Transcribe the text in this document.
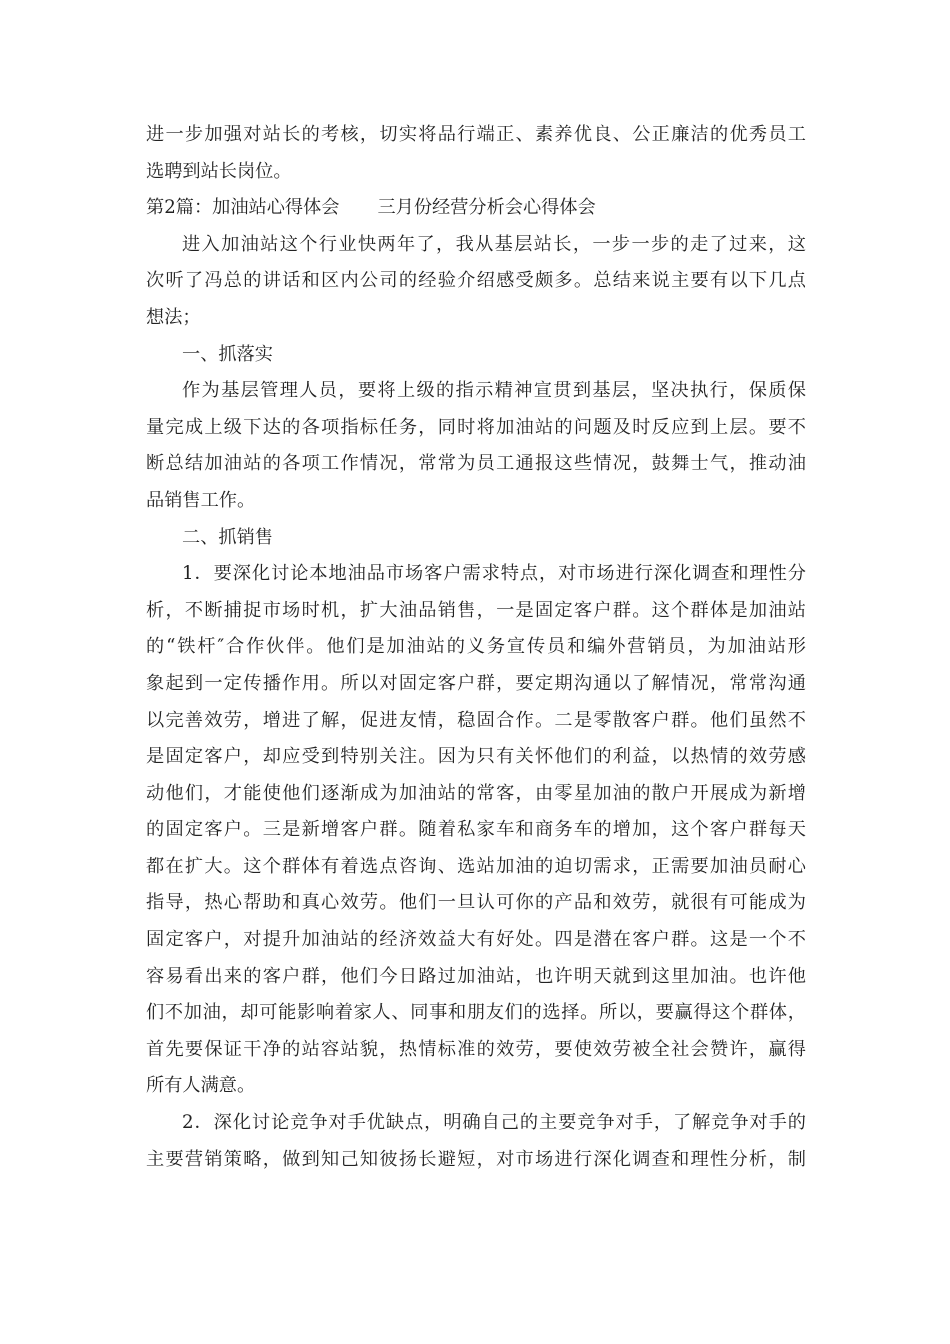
进一步加强对站长的考核，切实将品行端正、素养优良、公正廉洁的优秀员工
选聘到站长岗位。
第2篇：加油站心得体会 三月份经营分析会心得体会
进入加油站这个行业快两年了，我从基层站长，一步一步的走了过来，这
次听了冯总的讲话和区内公司的经验介绍感受颇多。总结来说主要有以下几点
想法；
一、抓落实
作为基层管理人员，要将上级的指示精神宣贯到基层，坚决执行，保质保
量完成上级下达的各项指标任务，同时将加油站的问题及时反应到上层。要不
断总结加油站的各项工作情况，常常为员工通报这些情况，鼓舞士气，推动油
品销售工作。
二、抓销售
1．要深化讨论本地油品市场客户需求特点，对市场进行深化调查和理性分
析，不断捕捉市场时机，扩大油品销售，一是固定客户群。这个群体是加油站
的“铁杆″合作伙伴。他们是加油站的义务宣传员和编外营销员，为加油站形
象起到一定传播作用。所以对固定客户群，要定期沟通以了解情况，常常沟通
以完善效劳，增进了解，促进友情，稳固合作。二是零散客户群。他们虽然不
是固定客户，却应受到特别关注。因为只有关怀他们的利益，以热情的效劳感
动他们，才能使他们逐渐成为加油站的常客，由零星加油的散户开展成为新增
的固定客户。三是新增客户群。随着私家车和商务车的增加，这个客户群每天
都在扩大。这个群体有着选点咨询、选站加油的迫切需求，正需要加油员耐心
指导，热心帮助和真心效劳。他们一旦认可你的产品和效劳，就很有可能成为
固定客户，对提升加油站的经济效益大有好处。四是潜在客户群。这是一个不
容易看出来的客户群，他们今日路过加油站，也许明天就到这里加油。也许他
们不加油，却可能影响着家人、同事和朋友们的选择。所以，要赢得这个群体，
首先要保证干净的站容站貌，热情标准的效劳，要使效劳被全社会赞许，赢得
所有人满意。
2．深化讨论竞争对手优缺点，明确自己的主要竞争对手，了解竞争对手的
主要营销策略，做到知己知彼扬长避短，对市场进行深化调查和理性分析，制
